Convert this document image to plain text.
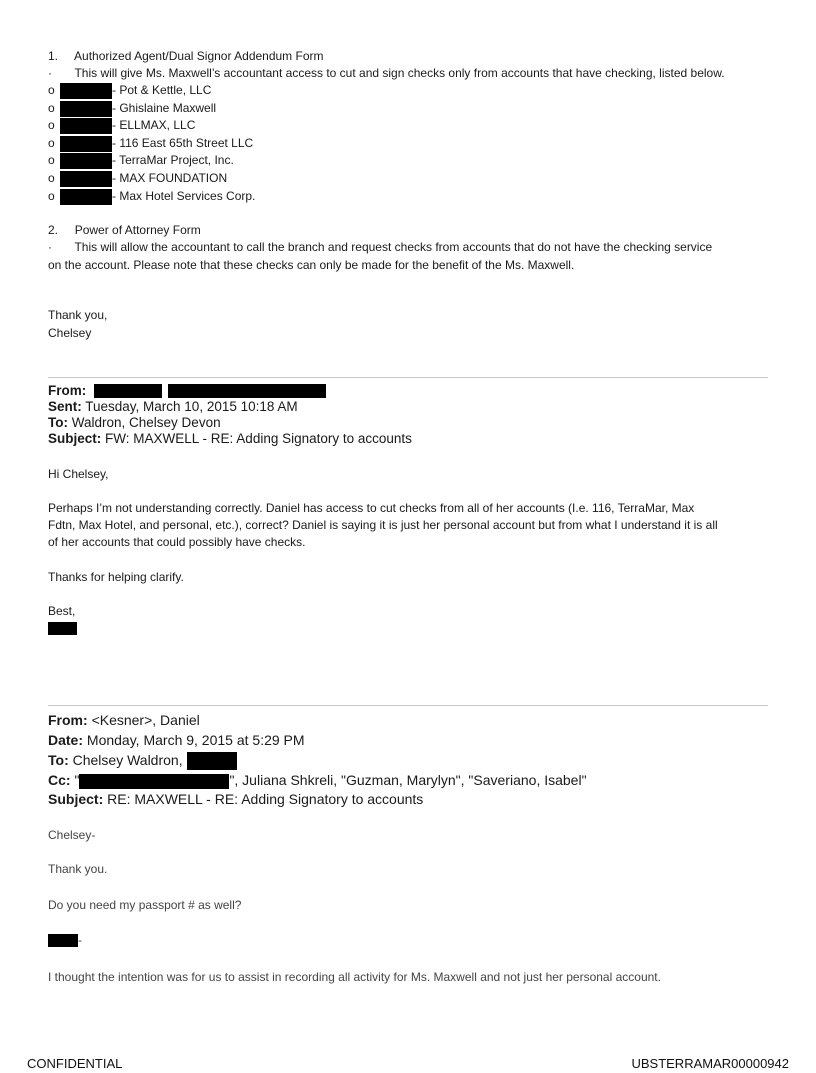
1. Authorized Agent/Dual Signor Addendum Form
· This will give Ms. Maxwell’s accountant access to cut and sign checks only from accounts that have checking, listed below.
o	- Pot & Kettle, LLC
o	- Ghislaine Maxwell
o	- ELLMAX, LLC
o	- 116 East 65th Street LLC
o	- TerraMar Project, Inc.
o	- MAX FOUNDATION
o	- Max Hotel Services Corp.
2. Power of Attorney Form
· This will allow the accountant to call the branch and request checks from accounts that do not have the checking service
on the account. Please note that these checks can only be made for the benefit of the Ms. Maxwell.
Thank you,
Chelsey
From:
Sent: Tuesday, March 10, 2015 10:18 AM
To: Waldron, Chelsey Devon
Subject: FW: MAXWELL - RE: Adding Signatory to accounts
Hi Chelsey,
Perhaps I’m not understanding correctly. Daniel has access to cut checks from all of her accounts (I.e. 116, TerraMar, Max
Fdtn, Max Hotel, and personal, etc.), correct? Daniel is saying it is just her personal account but from what I understand it is all
of her accounts that could possibly have checks.
Thanks for helping clarify.
Best,
From: <Kesner>, Daniel
Date: Monday, March 9, 2015 at 5:29 PM
To: Chelsey Waldron,
Cc: "	", Juliana Shkreli, "Guzman, Marylyn", "Saveriano, Isabel"
Subject: RE: MAXWELL - RE: Adding Signatory to accounts
Chelsey-
Thank you.
Do you need my passport # as well?
-
I thought the intention was for us to assist in recording all activity for Ms. Maxwell and not just her personal account.
CONFIDENTIAL	UBSTERRAMAR00000942
